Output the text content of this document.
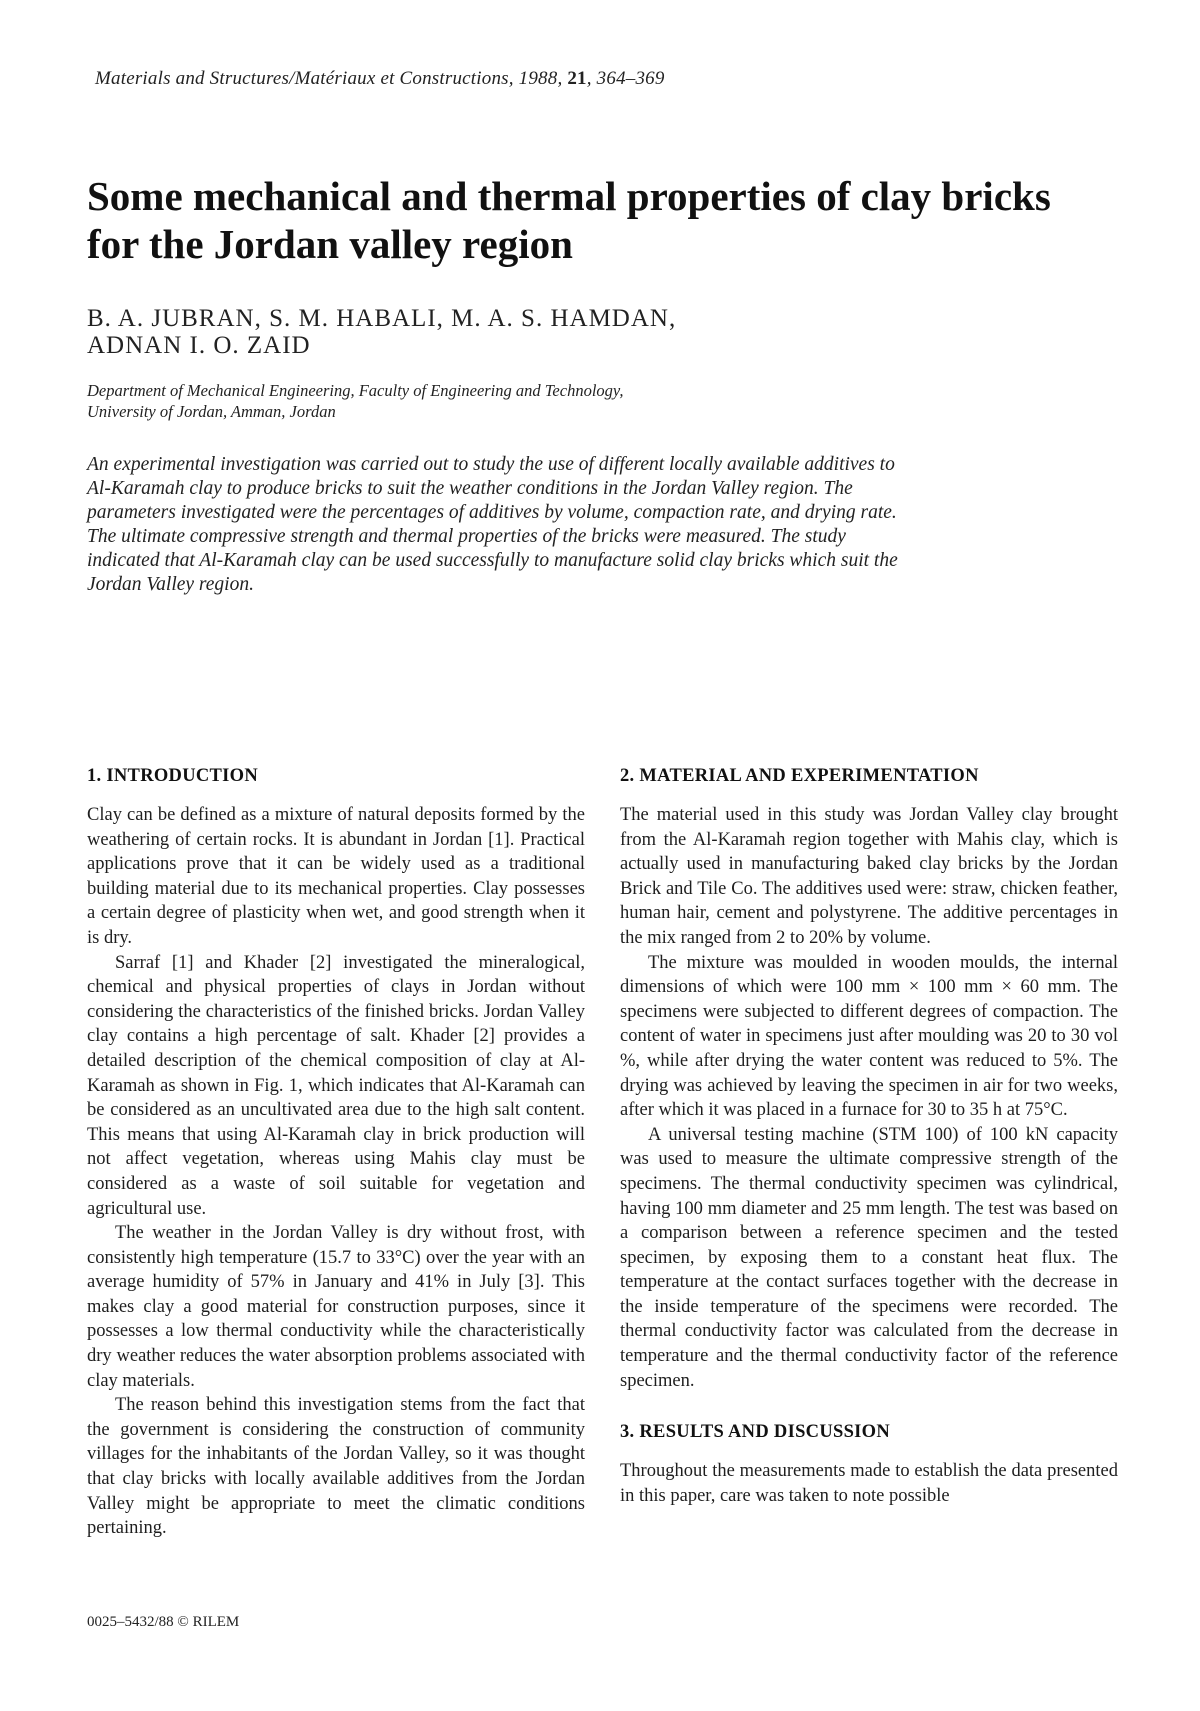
Materials and Structures/Matériaux et Constructions, 1988, 21, 364–369
Some mechanical and thermal properties of clay bricks for the Jordan valley region
B. A. JUBRAN, S. M. HABALI, M. A. S. HAMDAN,
ADNAN I. O. ZAID
Department of Mechanical Engineering, Faculty of Engineering and Technology,
University of Jordan, Amman, Jordan

An experimental investigation was carried out to study the use of different locally available additives to Al-Karamah clay to produce bricks to suit the weather conditions in the Jordan Valley region. The parameters investigated were the percentages of additives by volume, compaction rate, and drying rate. The ultimate compressive strength and thermal properties of the bricks were measured. The study indicated that Al-Karamah clay can be used successfully to manufacture solid clay bricks which suit the Jordan Valley region.

1. INTRODUCTION

Clay can be defined as a mixture of natural deposits formed by the weathering of certain rocks. It is abundant in Jordan [1]. Practical applications prove that it can be widely used as a traditional building material due to its mechanical properties. Clay possesses a certain degree of plasticity when wet, and good strength when it is dry.

Sarraf [1] and Khader [2] investigated the mineralogical, chemical and physical properties of clays in Jordan without considering the characteristics of the finished bricks. Jordan Valley clay contains a high percentage of salt. Khader [2] provides a detailed description of the chemical composition of clay at Al-Karamah as shown in Fig. 1, which indicates that Al-Karamah can be considered as an uncultivated area due to the high salt content. This means that using Al-Karamah clay in brick production will not affect vegetation, whereas using Mahis clay must be considered as a waste of soil suitable for vegetation and agricultural use.

The weather in the Jordan Valley is dry without frost, with consistently high temperature (15.7 to 33°C) over the year with an average humidity of 57% in January and 41% in July [3]. This makes clay a good material for construction purposes, since it possesses a low thermal conductivity while the characteristically dry weather reduces the water absorption problems associated with clay materials.

The reason behind this investigation stems from the fact that the government is considering the construction of community villages for the inhabitants of the Jordan Valley, so it was thought that clay bricks with locally available additives from the Jordan Valley might be appropriate to meet the climatic conditions pertaining.

2. MATERIAL AND EXPERIMENTATION

The material used in this study was Jordan Valley clay brought from the Al-Karamah region together with Mahis clay, which is actually used in manufacturing baked clay bricks by the Jordan Brick and Tile Co. The additives used were: straw, chicken feather, human hair, cement and polystyrene. The additive percentages in the mix ranged from 2 to 20% by volume.

The mixture was moulded in wooden moulds, the internal dimensions of which were 100 mm × 100 mm × 60 mm. The specimens were subjected to different degrees of compaction. The content of water in specimens just after moulding was 20 to 30 vol %, while after drying the water content was reduced to 5%. The drying was achieved by leaving the specimen in air for two weeks, after which it was placed in a furnace for 30 to 35 h at 75°C.

A universal testing machine (STM 100) of 100 kN capacity was used to measure the ultimate compressive strength of the specimens. The thermal conductivity specimen was cylindrical, having 100 mm diameter and 25 mm length. The test was based on a comparison between a reference specimen and the tested specimen, by exposing them to a constant heat flux. The temperature at the contact surfaces together with the decrease in the inside temperature of the specimens were recorded. The thermal conductivity factor was calculated from the decrease in temperature and the thermal conductivity factor of the reference specimen.

3. RESULTS AND DISCUSSION

Throughout the measurements made to establish the data presented in this paper, care was taken to note possible

0025–5432/88 © RILEM
